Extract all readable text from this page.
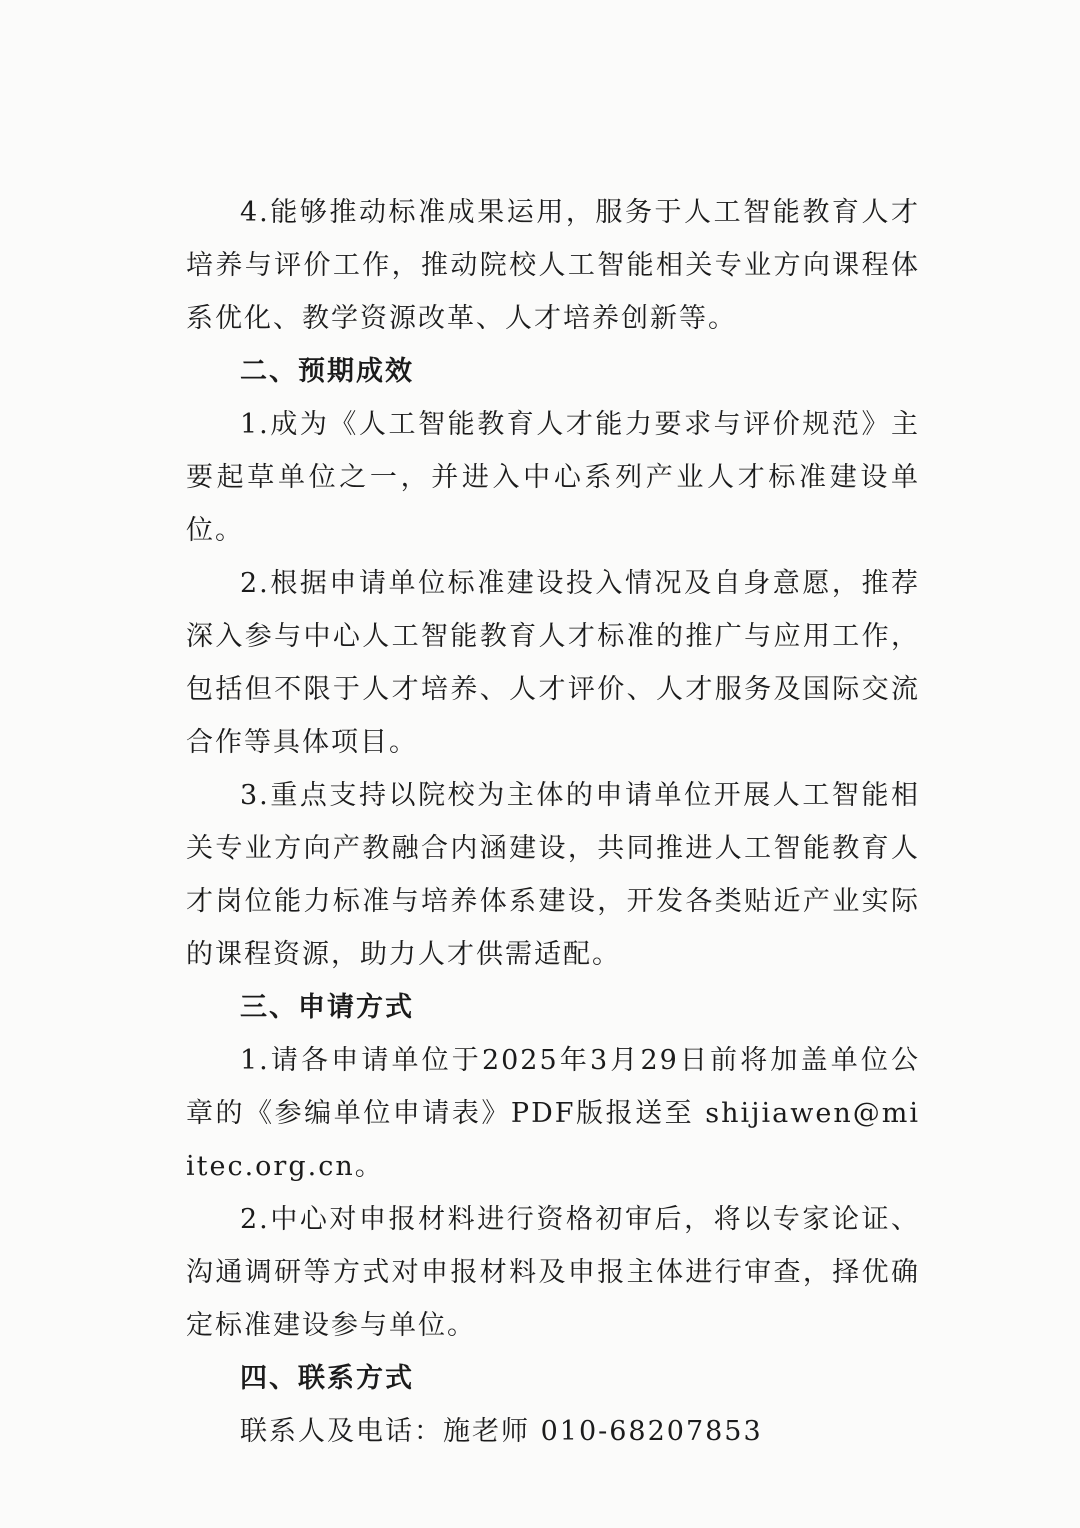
4.能够推动标准成果运用，服务于人工智能教育人才培养与评价工作，推动院校人工智能相关专业方向课程体系优化、教学资源改革、人才培养创新等。

二、预期成效

1.成为《人工智能教育人才能力要求与评价规范》主要起草单位之一，并进入中心系列产业人才标准建设单位。

2.根据申请单位标准建设投入情况及自身意愿，推荐深入参与中心人工智能教育人才标准的推广与应用工作，包括但不限于人才培养、人才评价、人才服务及国际交流合作等具体项目。

3.重点支持以院校为主体的申请单位开展人工智能相关专业方向产教融合内涵建设，共同推进人工智能教育人才岗位能力标准与培养体系建设，开发各类贴近产业实际的课程资源，助力人才供需适配。

三、申请方式

1.请各申请单位于2025年3月29日前将加盖单位公章的《参编单位申请表》PDF版报送至 shijiawen@miitec.org.cn。

2.中心对申报材料进行资格初审后，将以专家论证、沟通调研等方式对申报材料及申报主体进行审查，择优确定标准建设参与单位。

四、联系方式

联系人及电话：施老师 010-68207853
